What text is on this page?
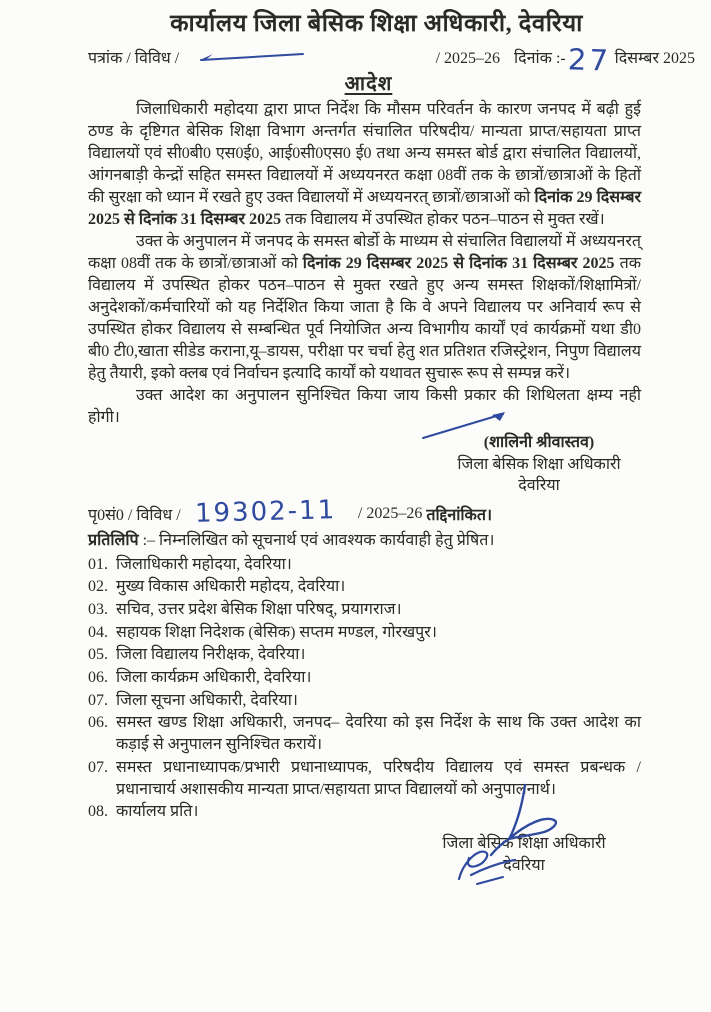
कार्यालय जिला बेसिक शिक्षा अधिकारी, देवरिया
पत्रांक / विविध /	/ 2025–26 दिनांक :- 27 दिसम्बर 2025
आदेश

जिलाधिकारी महोदया द्वारा प्राप्त निर्देश कि मौसम परिवर्तन के कारण जनपद में बढ़ी हुई ठण्ड के दृष्टिगत बेसिक शिक्षा विभाग अन्तर्गत संचालित परिषदीय/ मान्यता प्राप्त/सहायता प्राप्त विद्यालयों एवं सी0बी0 एस0ई0, आई0सी0एस0 ई0 तथा अन्य समस्त बोर्ड द्वारा संचालित विद्यालयों, आंगनबाड़ी केन्द्रों सहित समस्त विद्यालयों में अध्ययनरत कक्षा 08वीं तक के छात्रों/छात्राओं के हितों की सुरक्षा को ध्यान में रखते हुए उक्त विद्यालयों में अध्ययनरत् छात्रों/छात्राओं को दिनांक 29 दिसम्बर 2025 से दिनांक 31 दिसम्बर 2025 तक विद्यालय में उपस्थित होकर पठन–पाठन से मुक्त रखें।

उक्त के अनुपालन में जनपद के समस्त बोर्डो के माध्यम से संचालित विद्यालयों में अध्ययनरत् कक्षा 08वीं तक के छात्रों/छात्राओं को दिनांक 29 दिसम्बर 2025 से दिनांक 31 दिसम्बर 2025 तक विद्यालय में उपस्थित होकर पठन–पाठन से मुक्त रखते हुए अन्य समस्त शिक्षकों/शिक्षामित्रों/अनुदेशकों/कर्मचारियों को यह निर्देशित किया जाता है कि वे अपने विद्यालय पर अनिवार्य रूप से उपस्थित होकर विद्यालय से सम्बन्धित पूर्व नियोजित अन्य विभागीय कार्यों एवं कार्यक्रमों यथा डी0 बी0 टी0,खाता सीडेड कराना,यू–डायस, परीक्षा पर चर्चा हेतु शत प्रतिशत रजिस्ट्रेशन, निपुण विद्यालय हेतु तैयारी, इको क्लब एवं निर्वाचन इत्यादि कार्यों को यथावत सुचारू रूप से सम्पन्न करें।

उक्त आदेश का अनुपालन सुनिश्चित किया जाय किसी प्रकार की शिथिलता क्षम्य नही होगी।

(शालिनी श्रीवास्तव)
जिला बेसिक शिक्षा अधिकारी
देवरिया
पृ0सं0 / विविध / 19302-11 / 2025–26
तद्दिनांकित।
प्रतिलिपि :– निम्नलिखित को सूचनार्थ एवं आवश्यक कार्यवाही हेतु प्रेषित।
01. जिलाधिकारी महोदया, देवरिया।
02. मुख्य विकास अधिकारी महोदय, देवरिया।
03. सचिव, उत्तर प्रदेश बेसिक शिक्षा परिषद्, प्रयागराज।
04. सहायक शिक्षा निदेशक (बेसिक) सप्तम मण्डल, गोरखपुर।
05. जिला विद्यालय निरीक्षक, देवरिया।
06. जिला कार्यक्रम अधिकारी, देवरिया।
07. जिला सूचना अधिकारी, देवरिया।
06. समस्त खण्ड शिक्षा अधिकारी, जनपद– देवरिया को इस निर्देश के साथ कि उक्त आदेश का कड़ाई से अनुपालन सुनिश्चित करायें।
07. समस्त प्रधानाध्यापक/प्रभारी प्रधानाध्यापक, परिषदीय विद्यालय एवं समस्त प्रबन्धक /प्रधानाचार्य अशासकीय मान्यता प्राप्त/सहायता प्राप्त विद्यालयों को अनुपालनार्थ।
08. कार्यालय प्रति।
जिला बेसिक शिक्षा अधिकारी
देवरिया
